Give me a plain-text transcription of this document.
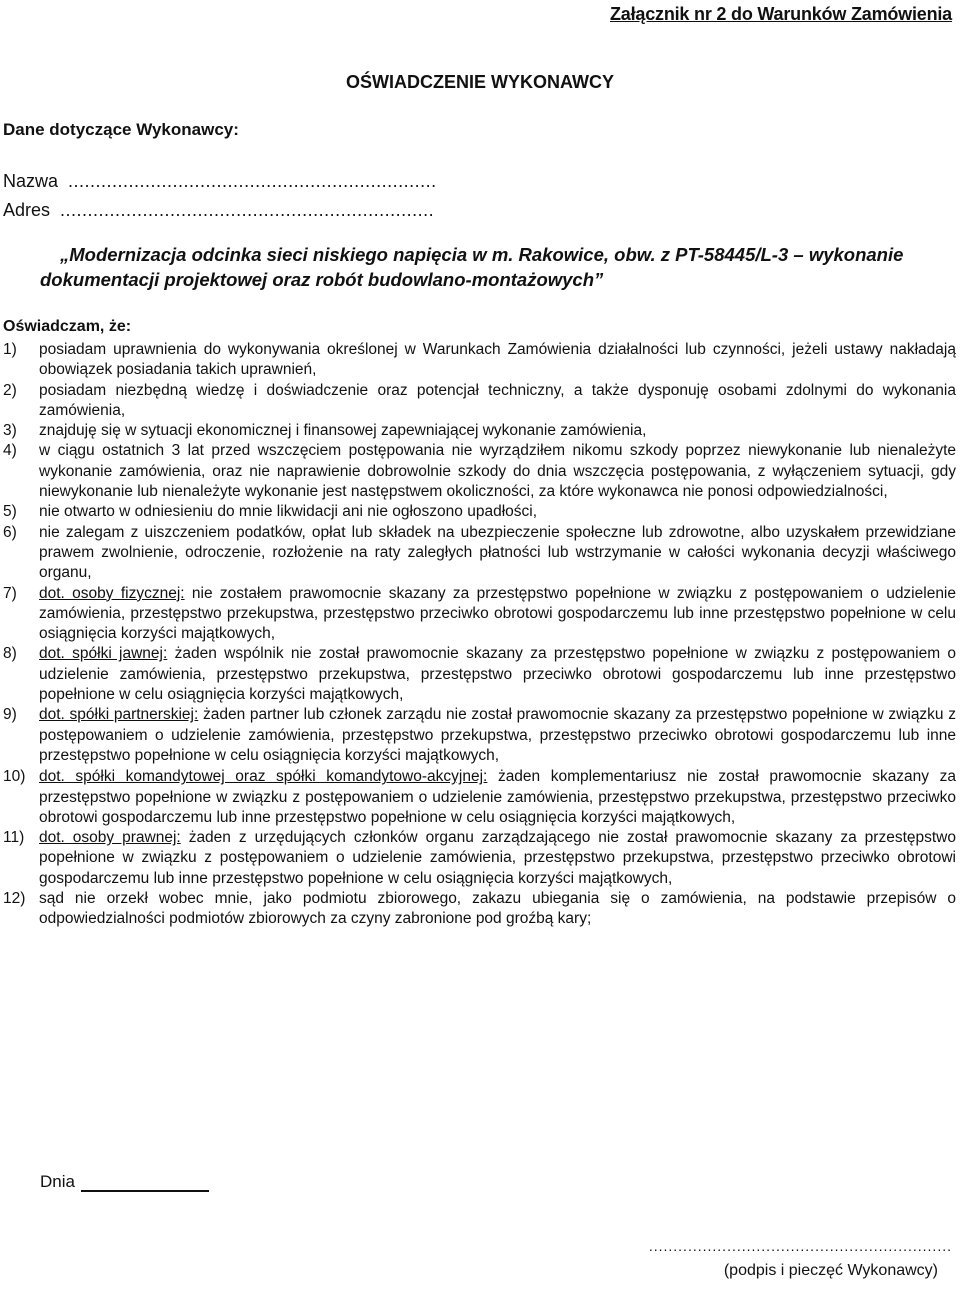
Załącznik nr 2 do Warunków Zamówienia
OŚWIADCZENIE WYKONAWCY
Dane dotyczące Wykonawcy:
Nazwa ...................................................................
Adres ....................................................................
„Modernizacja odcinka sieci niskiego napięcia w m. Rakowice, obw. z PT-58445/L-3 – wykonanie dokumentacji projektowej oraz robót budowlano-montażowych”
Oświadczam, że:

1)	posiadam uprawnienia do wykonywania określonej w Warunkach Zamówienia działalności lub czynności, jeżeli ustawy nakładają obowiązek posiadania takich uprawnień,

2)	posiadam niezbędną wiedzę i doświadczenie oraz potencjał techniczny, a także dysponuję osobami zdolnymi do wykonania zamówienia,

3)	znajduję się w sytuacji ekonomicznej i finansowej zapewniającej wykonanie zamówienia,

4)	w ciągu ostatnich 3 lat przed wszczęciem postępowania nie wyrządziłem nikomu szkody poprzez niewykonanie lub nienależyte wykonanie zamówienia, oraz nie naprawienie dobrowolnie szkody do dnia wszczęcia postępowania, z wyłączeniem sytuacji, gdy niewykonanie lub nienależyte wykonanie jest następstwem okoliczności, za które wykonawca nie ponosi odpowiedzialności,

5)	nie otwarto w odniesieniu do mnie likwidacji ani nie ogłoszono upadłości,

6)	nie zalegam z uiszczeniem podatków, opłat lub składek na ubezpieczenie społeczne lub zdrowotne, albo uzyskałem przewidziane prawem zwolnienie, odroczenie, rozłożenie na raty zaległych płatności lub wstrzymanie w całości wykonania decyzji właściwego organu,

7)	dot. osoby fizycznej: nie zostałem prawomocnie skazany za przestępstwo popełnione w związku z postępowaniem o udzielenie zamówienia, przestępstwo przekupstwa, przestępstwo przeciwko obrotowi gospodarczemu lub inne przestępstwo popełnione w celu osiągnięcia korzyści majątkowych,

8)	dot. spółki jawnej: żaden wspólnik nie został prawomocnie skazany za przestępstwo popełnione w związku z postępowaniem o udzielenie zamówienia, przestępstwo przekupstwa, przestępstwo przeciwko obrotowi gospodarczemu lub inne przestępstwo popełnione w celu osiągnięcia korzyści majątkowych,

9)	dot. spółki partnerskiej: żaden partner lub członek zarządu nie został prawomocnie skazany za przestępstwo popełnione w związku z postępowaniem o udzielenie zamówienia, przestępstwo przekupstwa, przestępstwo przeciwko obrotowi gospodarczemu lub inne przestępstwo popełnione w celu osiągnięcia korzyści majątkowych,

10) dot. spółki komandytowej oraz spółki komandytowo-akcyjnej: żaden komplementariusz nie został prawomocnie skazany za przestępstwo popełnione w związku z postępowaniem o udzielenie zamówienia, przestępstwo przekupstwa, przestępstwo przeciwko obrotowi gospodarczemu lub inne przestępstwo popełnione w celu osiągnięcia korzyści majątkowych,

11) dot. osoby prawnej: żaden z urzędujących członków organu zarządzającego nie został prawomocnie skazany za przestępstwo popełnione w związku z postępowaniem o udzielenie zamówienia, przestępstwo przekupstwa, przestępstwo przeciwko obrotowi gospodarczemu lub inne przestępstwo popełnione w celu osiągnięcia korzyści majątkowych,

12) sąd nie orzekł wobec mnie, jako podmiotu zbiorowego, zakazu ubiegania się o zamówienia, na podstawie przepisów o odpowiedzialności podmiotów zbiorowych za czyny zabronione pod groźbą kary;

Dnia
..............................................................
(podpis i pieczęć Wykonawcy)
